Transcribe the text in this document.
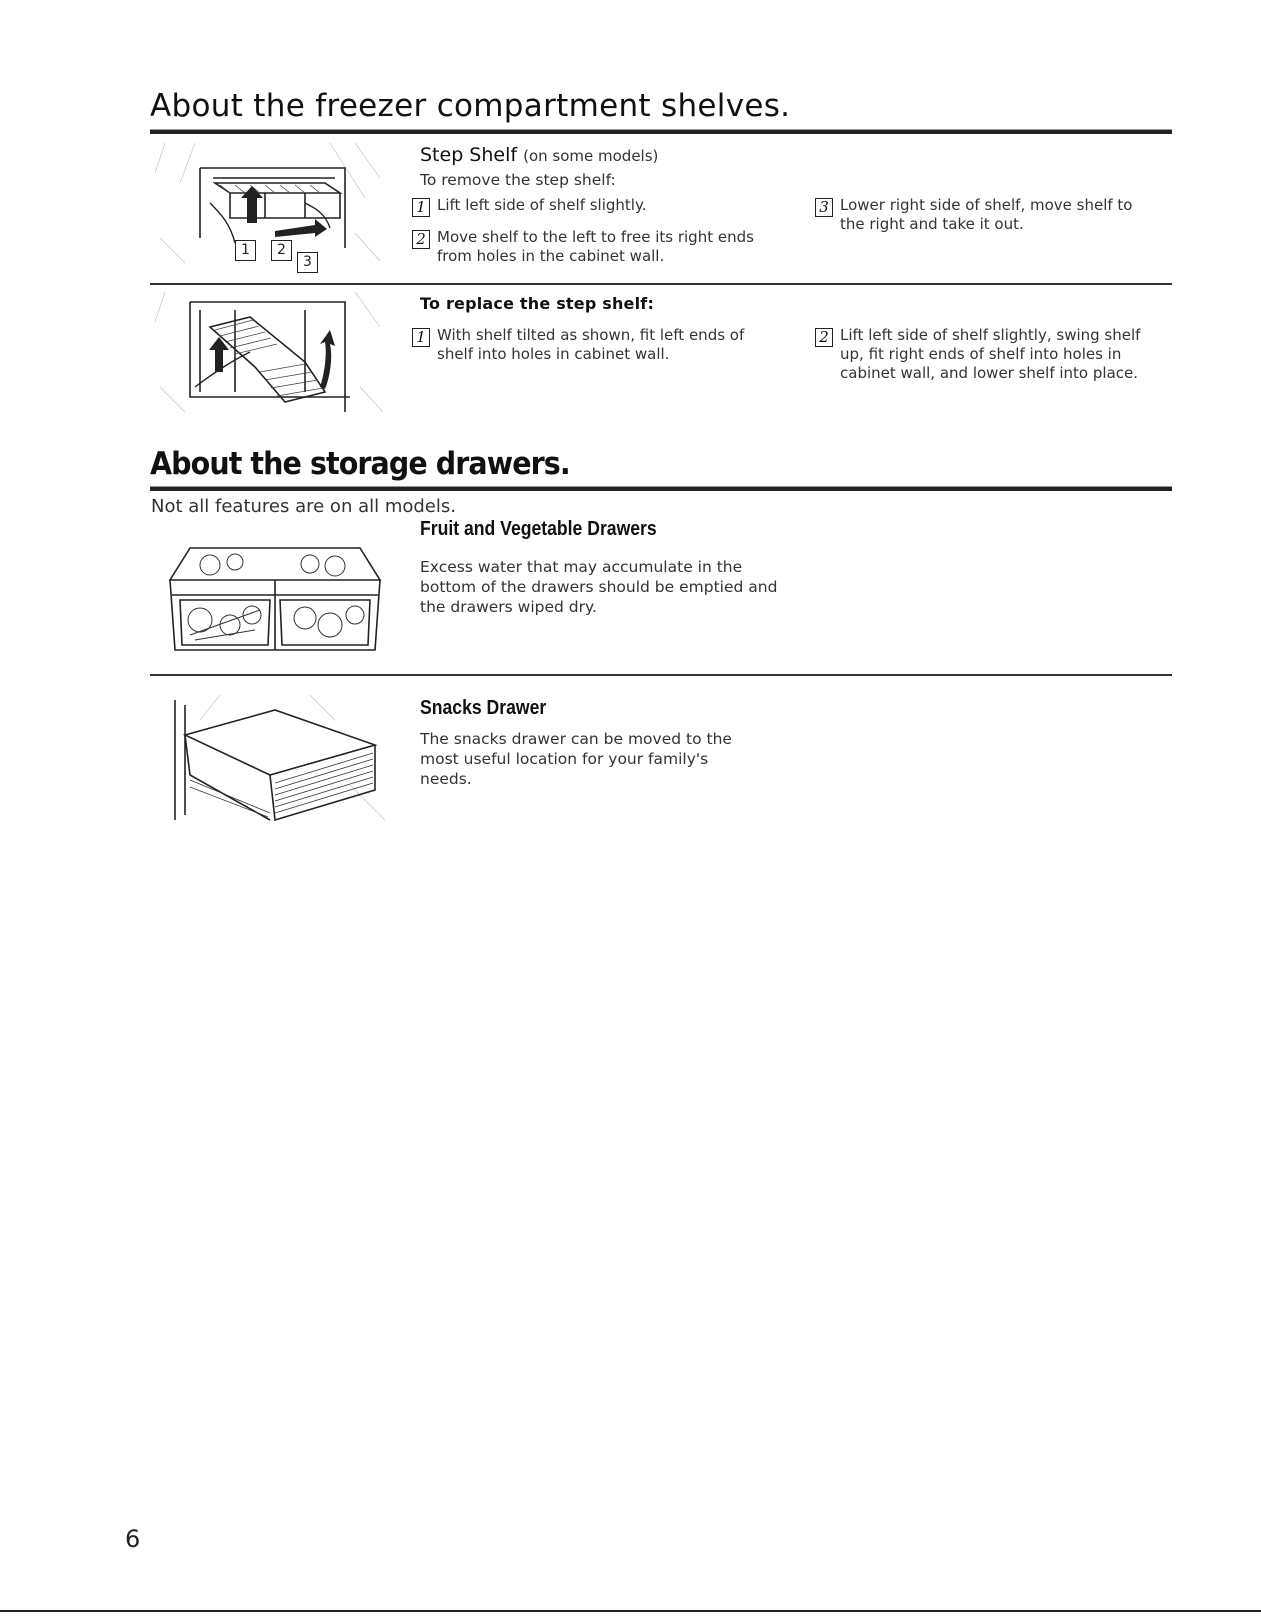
About the freezer compartment shelves.
1	2
3
Step Shelf (on some models)
To remove the step shelf:
1 Lift left side of shelf slightly.
2 Move shelf to the left to free its right ends from holes in the cabinet wall.
3 Lower right side of shelf, move shelf to the right and take it out.
To replace the step shelf:
1 With shelf tilted as shown, fit left ends of shelf into holes in cabinet wall.
2 Lift left side of shelf slightly, swing shelf up, fit right ends of shelf into holes in cabinet wall, and lower shelf into place.
About the storage drawers.
Not all features are on all models.
Fruit and Vegetable Drawers
Excess water that may accumulate in the bottom of the drawers should be emptied and the drawers wiped dry.
Snacks Drawer
The snacks drawer can be moved to the most useful location for your family's needs.
6
